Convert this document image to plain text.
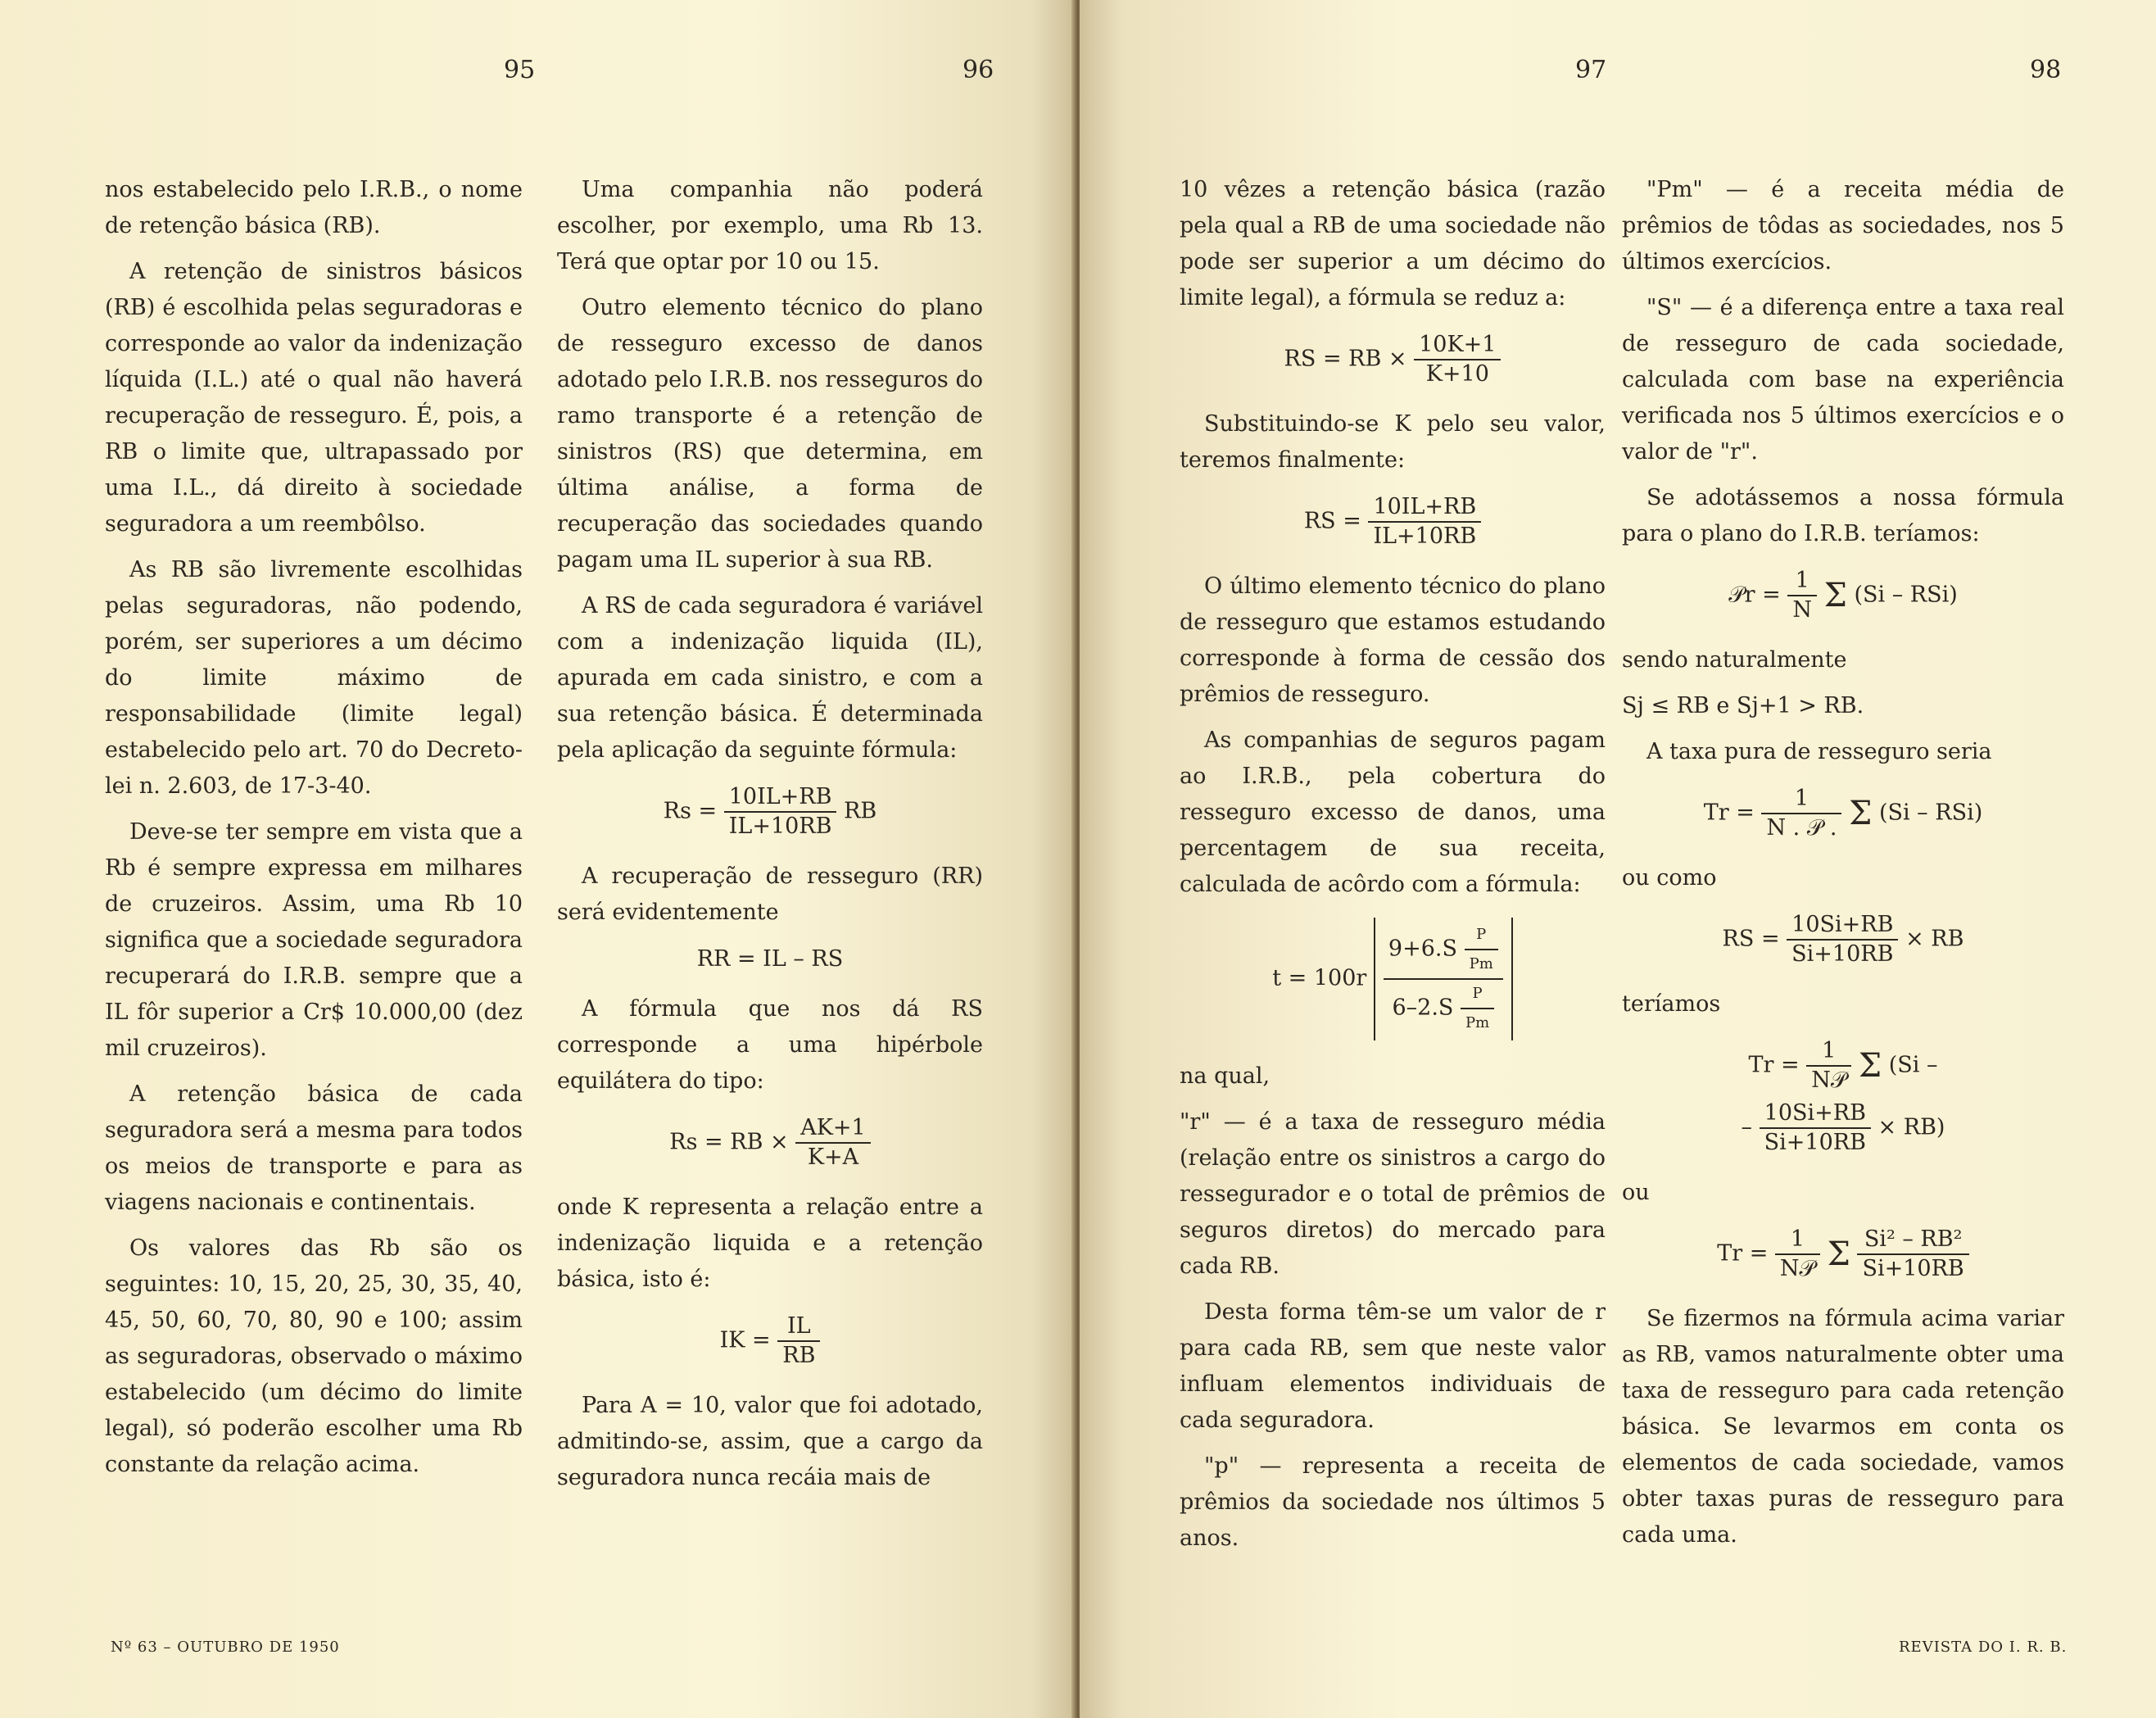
95	96

nos estabelecido pelo I.R.B., o nome de retenção básica (RB).

A retenção de sinistros básicos (RB) é escolhida pelas seguradoras e corresponde ao valor da indenização líquida (I.L.) até o qual não haverá recuperação de resseguro. É, pois, a RB o limite que, ultrapassado por uma I.L., dá direito à sociedade seguradora a um reembôlso.

As RB são livremente escolhidas pelas seguradoras, não podendo, porém, ser superiores a um décimo do limite máximo de responsabilidade (limite legal) estabelecido pelo art. 70 do Decreto-lei n. 2.603, de 17-3-40.

Deve-se ter sempre em vista que a Rb é sempre expressa em milhares de cruzeiros. Assim, uma Rb 10 significa que a sociedade seguradora recuperará do I.R.B. sempre que a IL fôr superior a Cr$ 10.000,00 (dez mil cruzeiros).

A retenção básica de cada seguradora será a mesma para todos os meios de transporte e para as viagens nacionais e continentais.

Os valores das Rb são os seguintes: 10, 15, 20, 25, 30, 35, 40, 45, 50, 60, 70, 80, 90 e 100; assim as seguradoras, observado o máximo estabelecido (um décimo do limite legal), só poderão escolher uma Rb constante da relação acima.

Uma companhia não poderá escolher, por exemplo, uma Rb 13. Terá que optar por 10 ou 15.

Outro elemento técnico do plano de resseguro excesso de danos adotado pelo I.R.B. nos resseguros do ramo transporte é a retenção de sinistros (RS) que determina, em última análise, a forma de recuperação das sociedades quando pagam uma IL superior à sua RB.

A RS de cada seguradora é variável com a indenização liquida (IL), apurada em cada sinistro, e com a sua retenção básica. É determinada pela aplicação da seguinte fórmula:

$Rs = \frac{10IL+RB}{IL+10RB}$ RB

A recuperação de resseguro (RR) será evidentemente

RR = IL – RS

A fórmula que nos dá RS corresponde a uma hipérbole equilátera do tipo:

Rs = RB × $\frac{AK+1}{K+A}$

onde K representa a relação entre a indenização liquida e a retenção básica, isto é:

IK = $\frac{IL}{RB}$

Para A = 10, valor que foi adotado, admitindo-se, assim, que a cargo da seguradora nunca recáia mais de

Nº 63 – OUTUBRO DE 1950
97	98

10 vêzes a retenção básica (razão pela qual a RB de uma sociedade não pode ser superior a um décimo do limite legal), a fórmula se reduz a:

RS = RB × $\frac{10K+1}{K+10}$

Substituindo-se K pelo seu valor, teremos finalmente:

RS = $\frac{10IL+RB}{IL+10RB}$

O último elemento técnico do plano de resseguro que estamos estudando corresponde à forma de cessão dos prêmios de resseguro.

As companhias de seguros pagam ao I.R.B., pela cobertura do resseguro excesso de danos, uma percentagem de sua receita, calculada de acôrdo com a fórmula:

$t = 100r \frac{9+6.S \frac{P}{Pm}}{6-2.S \frac{P}{Pm}}$

na qual,

"r" — é a taxa de resseguro média (relação entre os sinistros a cargo do ressegurador e o total de prêmios de seguros diretos) do mercado para cada RB.

Desta forma têm-se um valor de r para cada RB, sem que neste valor influam elementos individuais de cada seguradora.

"p" — representa a receita de prêmios da sociedade nos últimos 5 anos.

"Pm" — é a receita média de prêmios de tôdas as sociedades, nos 5 últimos exercícios.

"S" — é a diferença entre a taxa real de resseguro de cada sociedade, calculada com base na experiência verificada nos 5 últimos exercícios e o valor de "r".

Se adotássemos a nossa fórmula para o plano do I.R.B. teríamos:

𝒫r = $\frac{1}{N}$ Σ (Si – RSi)

sendo naturalmente

Sj ≤ RB e Sj+1 > RB.

A taxa pura de resseguro seria

$Tr = \frac{1}{\text{N . 𝒫 .}}$ Σ (Si – RSi)

ou como

RS = $\frac{10Si+RB}{Si+10RB}$ × RB

teríamos

$Tr = \frac{1}{\text{N𝒫}}$ Σ (Si –
– $\frac{10Si+RB}{Si+10RB} \times RB$)

ou

$Tr = \frac{1}{\text{N𝒫}}$ Σ $\frac{\text{Si² – RB²}}{Si+10RB}$

Se fizermos na fórmula acima variar as RB, vamos naturalmente obter uma taxa de resseguro para cada retenção básica. Se levarmos em conta os elementos de cada sociedade, vamos obter taxas puras de resseguro para cada uma.

REVISTA DO I. R. B.
